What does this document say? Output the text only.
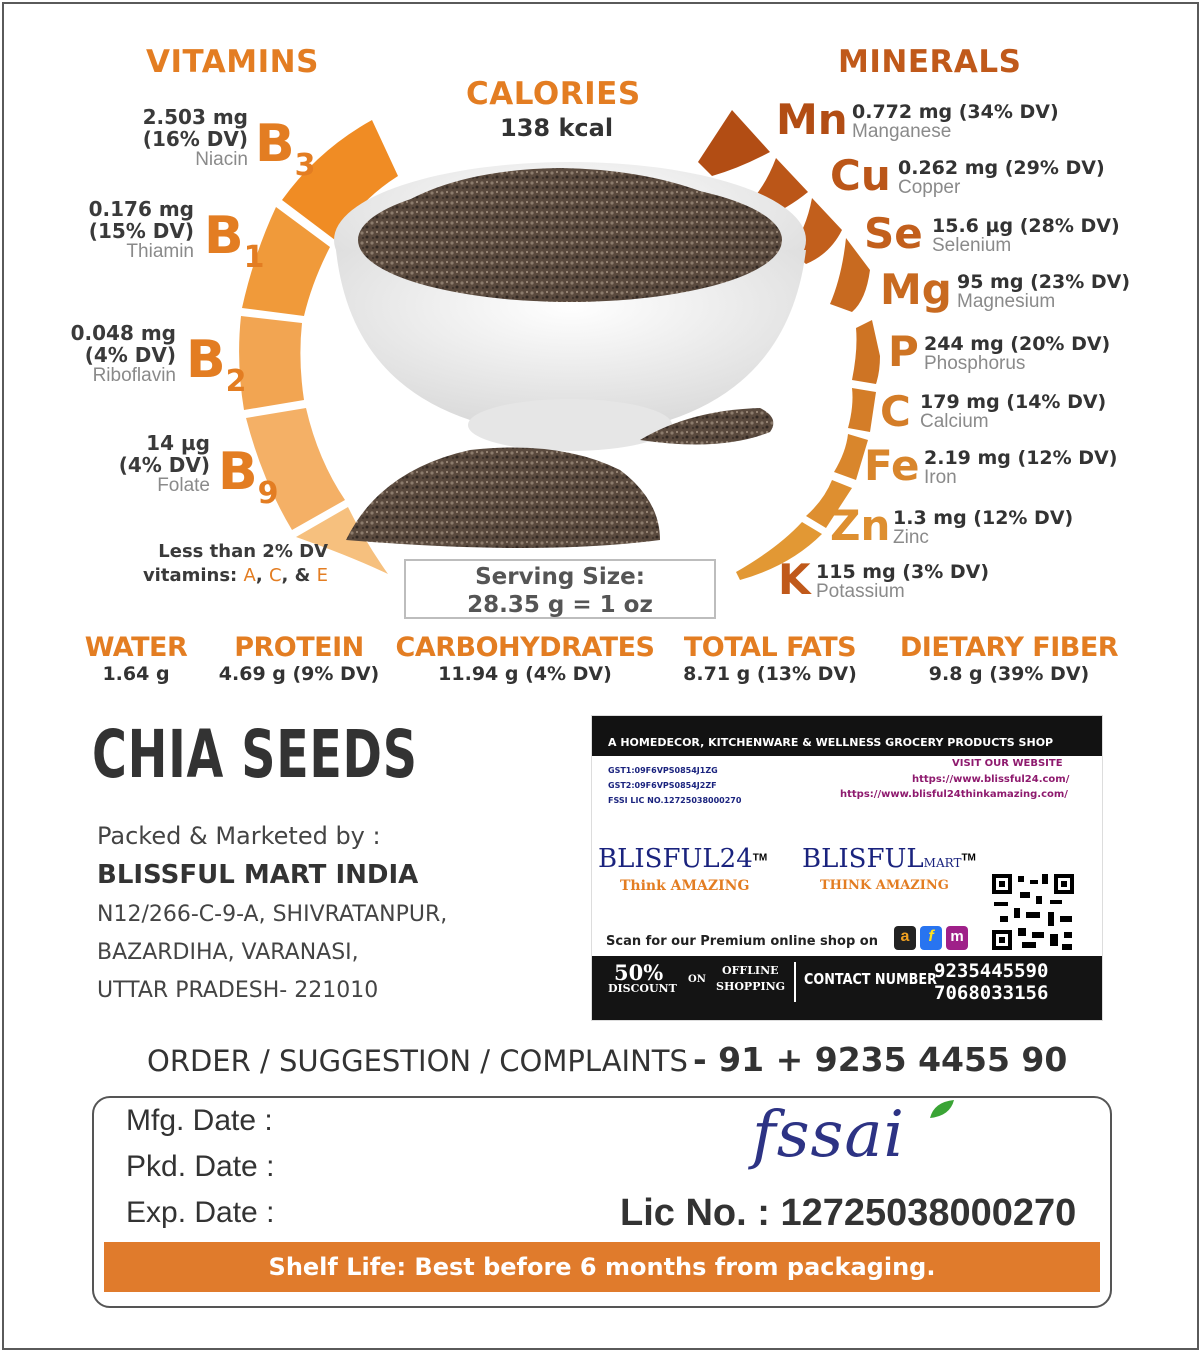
VITAMINS
2.503 mg
(16% DV)
Niacin $B_3$
0.176 mg
(15% DV)
Thiamin $B_1$
0.048 mg
(4% DV)
Riboflavin $B_2$
14 µg
(4% DV)
Folate $B_9$
Less than 2% DV
vitamins: A, C, & E
CALORIES
138 kcal
Serving Size:
28.35 g = 1 oz
MINERALS
Mn 0.772 mg (34% DV)
Manganese
Cu 0.262 mg (29% DV)
Copper
Se 15.6 µg (28% DV)
Selenium
Mg 95 mg (23% DV)
Magnesium
P 244 mg (20% DV)
Phosphorus
C 179 mg (14% DV)
Calcium
Fe 2.19 mg (12% DV)
Iron
Zn 1.3 mg (12% DV)
Zinc
K 115 mg (3% DV)
Potassium
WATER
1.64 g
PROTEIN
4.69 g (9% DV)
CARBOHYDRATES
11.94 g (4% DV)
TOTAL FATS
8.71 g (13% DV)
DIETARY FIBER
9.8 g (39% DV)
CHIA SEEDS
Packed & Marketed by :
BLISSFUL MART INDIA
N12/266-C-9-A, SHIVRATANPUR,
BAZARDIHA, VARANASI,
UTTAR PRADESH- 221010
A HOMEDECOR, KITCHENWARE & WELLNESS GROCERY PRODUCTS SHOP
GST1:09F6VPS0854J1ZG
GST2:09F6VPS0854J2ZF
FSSI LIC NO.12725038000270
VISIT OUR WEBSITE
https://www.blissful24.com/
https://www.blisful24thinkamazing.com/
BLISFUL24™
Think AMAZING
BLISFULMART™
THINK AMAZING
Scan for our Premium online shop on	a	f	m
50%
DISCOUNT
ON
OFFLINE
SHOPPING CONTACT NUMBER
9235445590
7068033156
ORDER / SUGGESTION / COMPLAINTS - 91 + 9235 4455 90
Mfg. Date :
Pkd. Date :
Exp. Date :
fssai
Lic No. : 12725038000270
Shelf Life: Best before 6 months from packaging.
